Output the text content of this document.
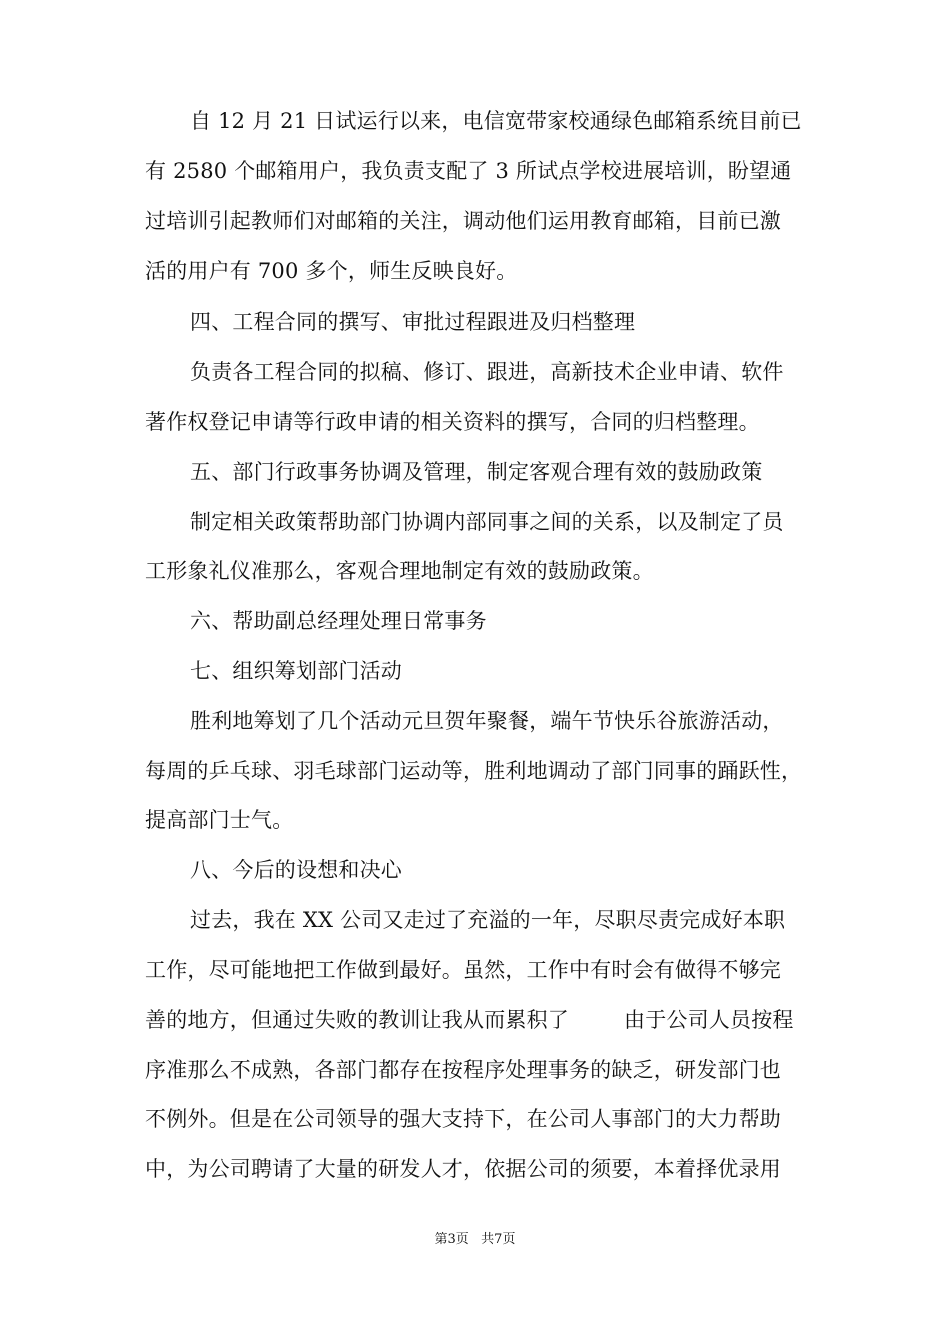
自 12 月 21 日试运行以来，电信宽带家校通绿色邮箱系统目前已
有 2580 个邮箱用户，我负责支配了 3 所试点学校进展培训，盼望通
过培训引起教师们对邮箱的关注，调动他们运用教育邮箱，目前已激
活的用户有 700 多个，师生反映良好。
四、工程合同的撰写、审批过程跟进及归档整理
负责各工程合同的拟稿、修订、跟进，高新技术企业申请、软件
著作权登记申请等行政申请的相关资料的撰写，合同的归档整理。
五、部门行政事务协调及管理，制定客观合理有效的鼓励政策
制定相关政策帮助部门协调内部同事之间的关系，以及制定了员
工形象礼仪准那么，客观合理地制定有效的鼓励政策。
六、帮助副总经理处理日常事务
七、组织筹划部门活动
胜利地筹划了几个活动元旦贺年聚餐，端午节快乐谷旅游活动，
每周的乒乓球、羽毛球部门运动等，胜利地调动了部门同事的踊跃性，
提高部门士气。
八、今后的设想和决心
过去，我在 XX 公司又走过了充溢的一年，尽职尽责完成好本职
工作，尽可能地把工作做到最好。虽然，工作中有时会有做得不够完
善的地方，但通过失败的教训让我从而累积了        由于公司人员按程
序准那么不成熟，各部门都存在按程序处理事务的缺乏，研发部门也
不例外。但是在公司领导的强大支持下，在公司人事部门的大力帮助
中，为公司聘请了大量的研发人才，依据公司的须要，本着择优录用
第3页   共7页
